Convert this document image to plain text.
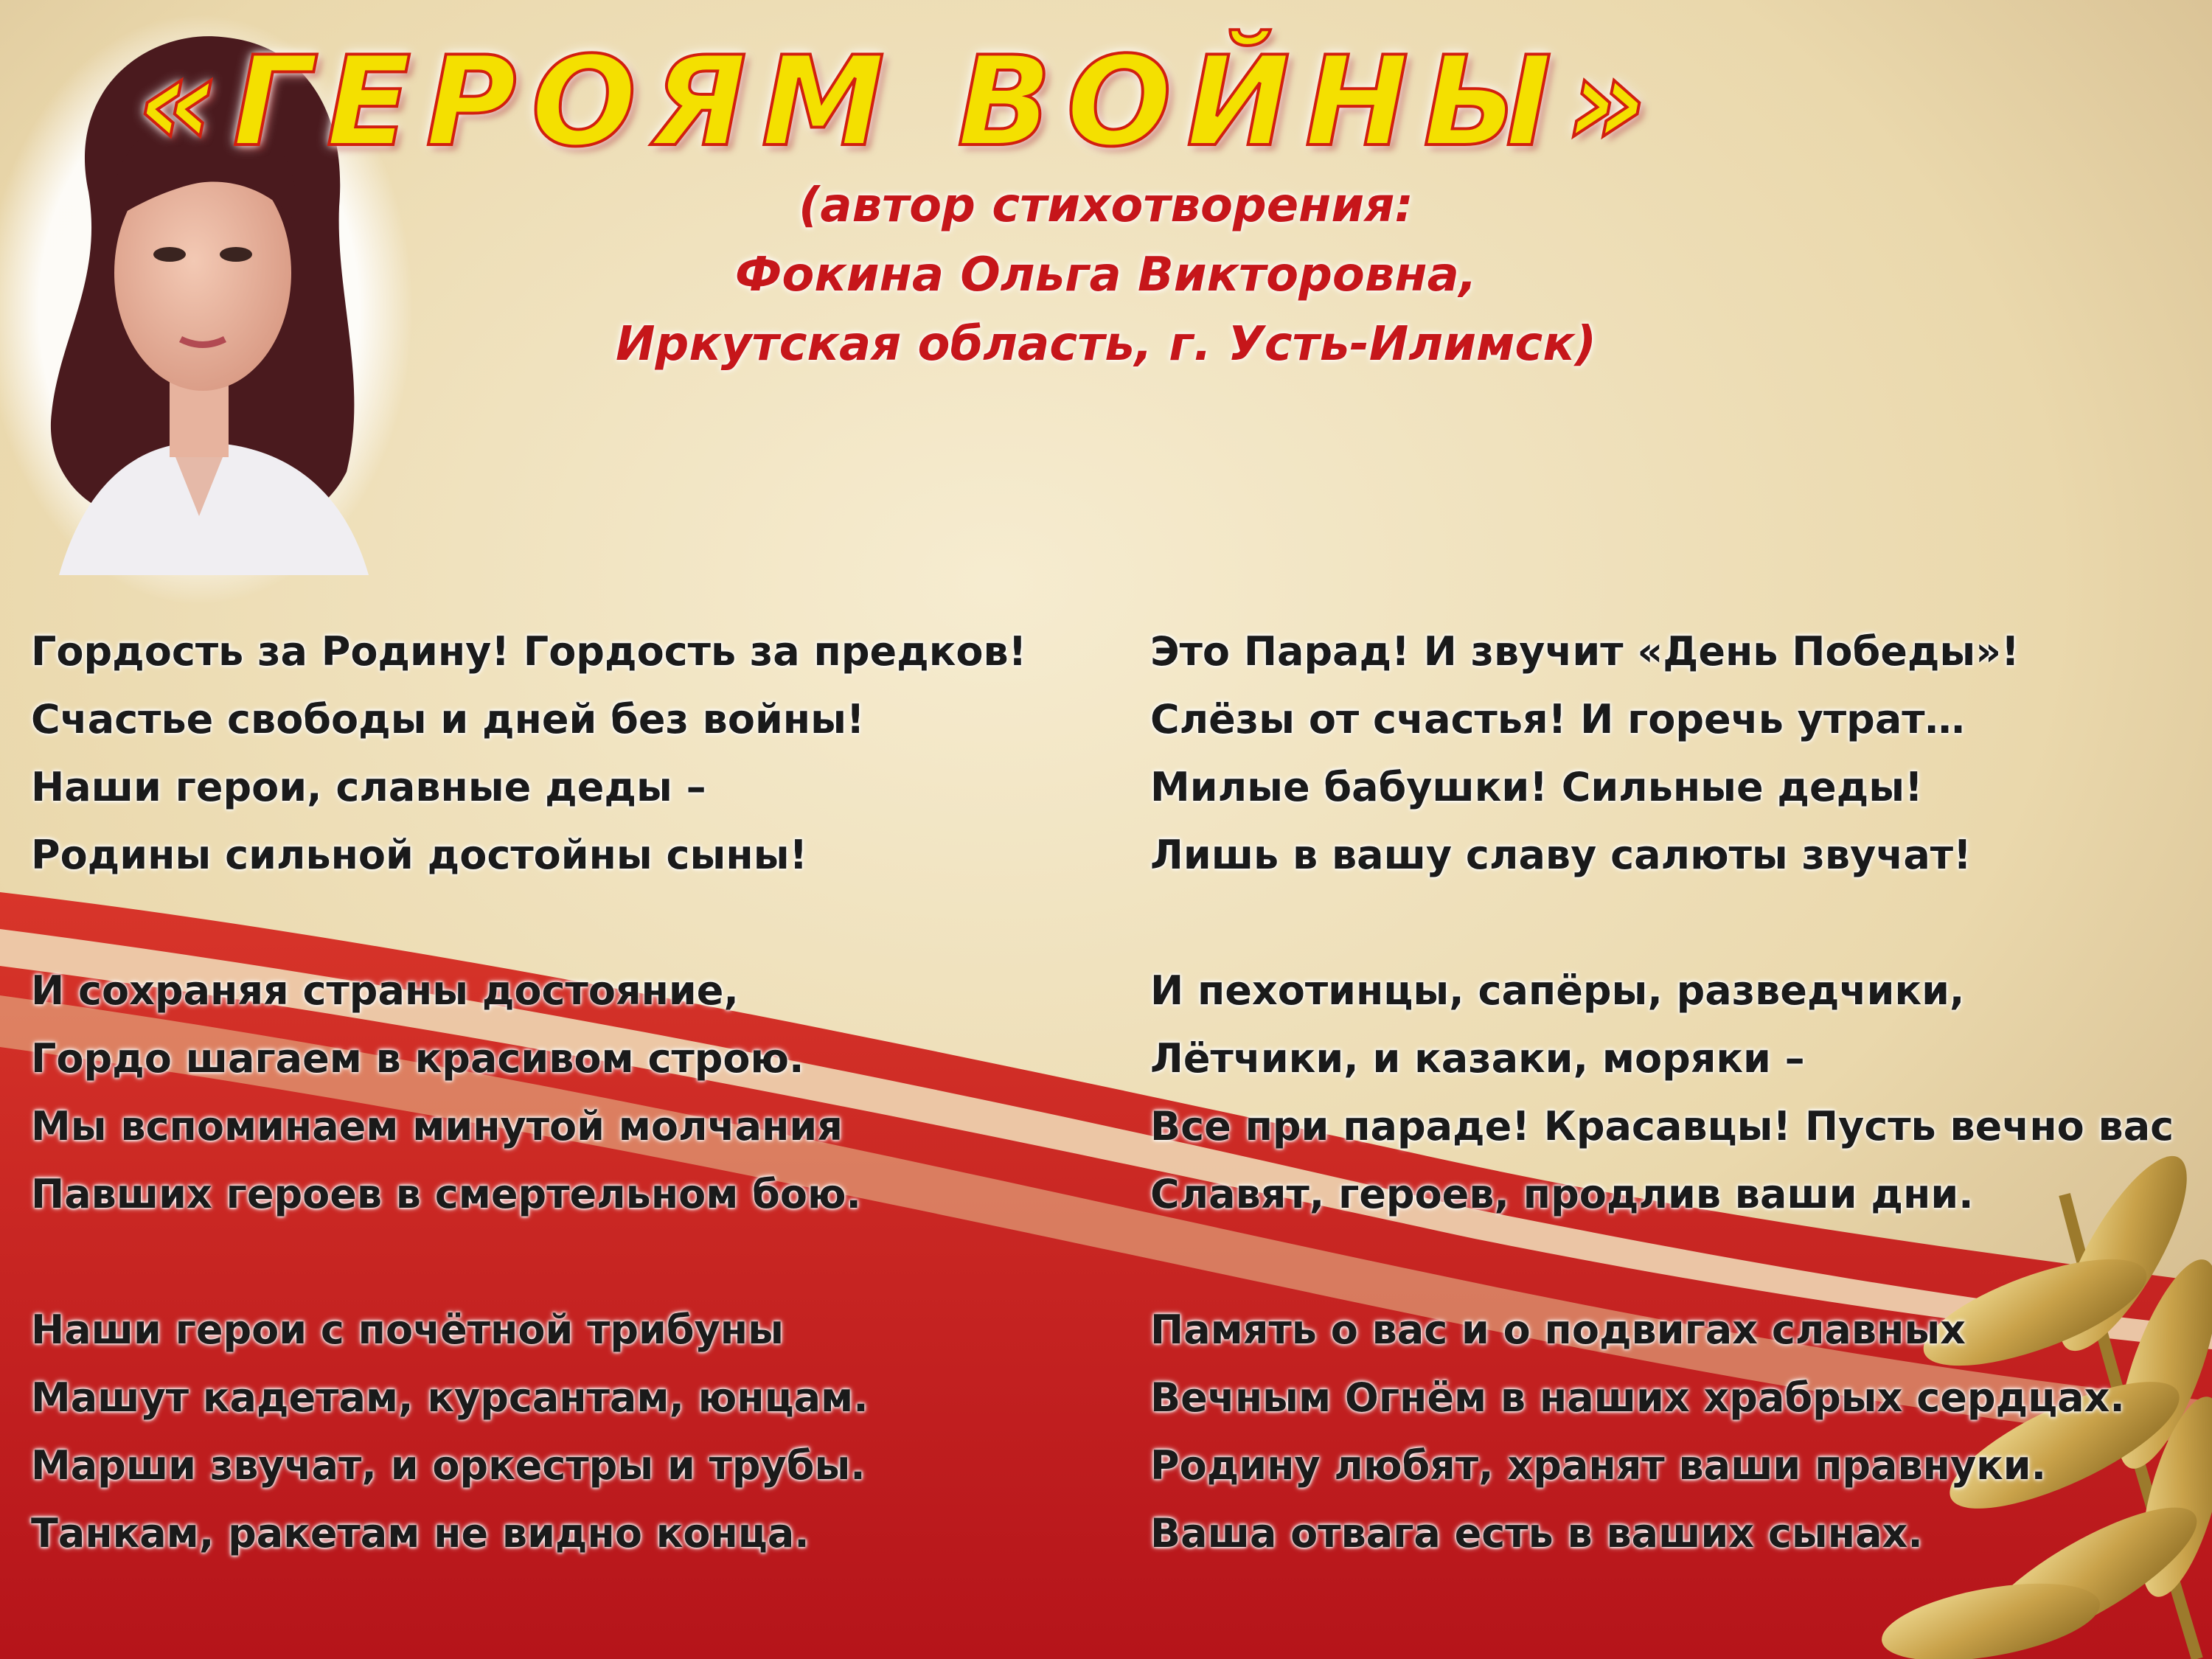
«ГЕРОЯМ ВОЙНЫ»
(автор стихотворения:
Фокина Ольга Викторовна,
Иркутская область, г. Усть-Илимск)
Гордость за Родину! Гордость за предков!
Счастье свободы и дней без войны!
Наши герои, славные деды –
Родины сильной достойны сыны!
И сохраняя страны достояние,
Гордо шагаем в красивом строю.
Мы вспоминаем минутой молчания
Павших героев в смертельном бою.
Наши герои с почётной трибуны
Машут кадетам, курсантам, юнцам.
Марши звучат, и оркестры и трубы.
Танкам, ракетам не видно конца.
Это Парад! И звучит «День Победы»!
Слёзы от счастья! И горечь утрат…
Милые бабушки! Сильные деды!
Лишь в вашу славу салюты звучат!
И пехотинцы, сапёры, разведчики,
Лётчики, и казаки, моряки –
Все при параде! Красавцы! Пусть вечно вас
Славят, героев, продлив ваши дни.
Память о вас и о подвигах славных
Вечным Огнём в наших храбрых сердцах.
Родину любят, хранят ваши правнуки.
Ваша отвага есть в ваших сынах.
